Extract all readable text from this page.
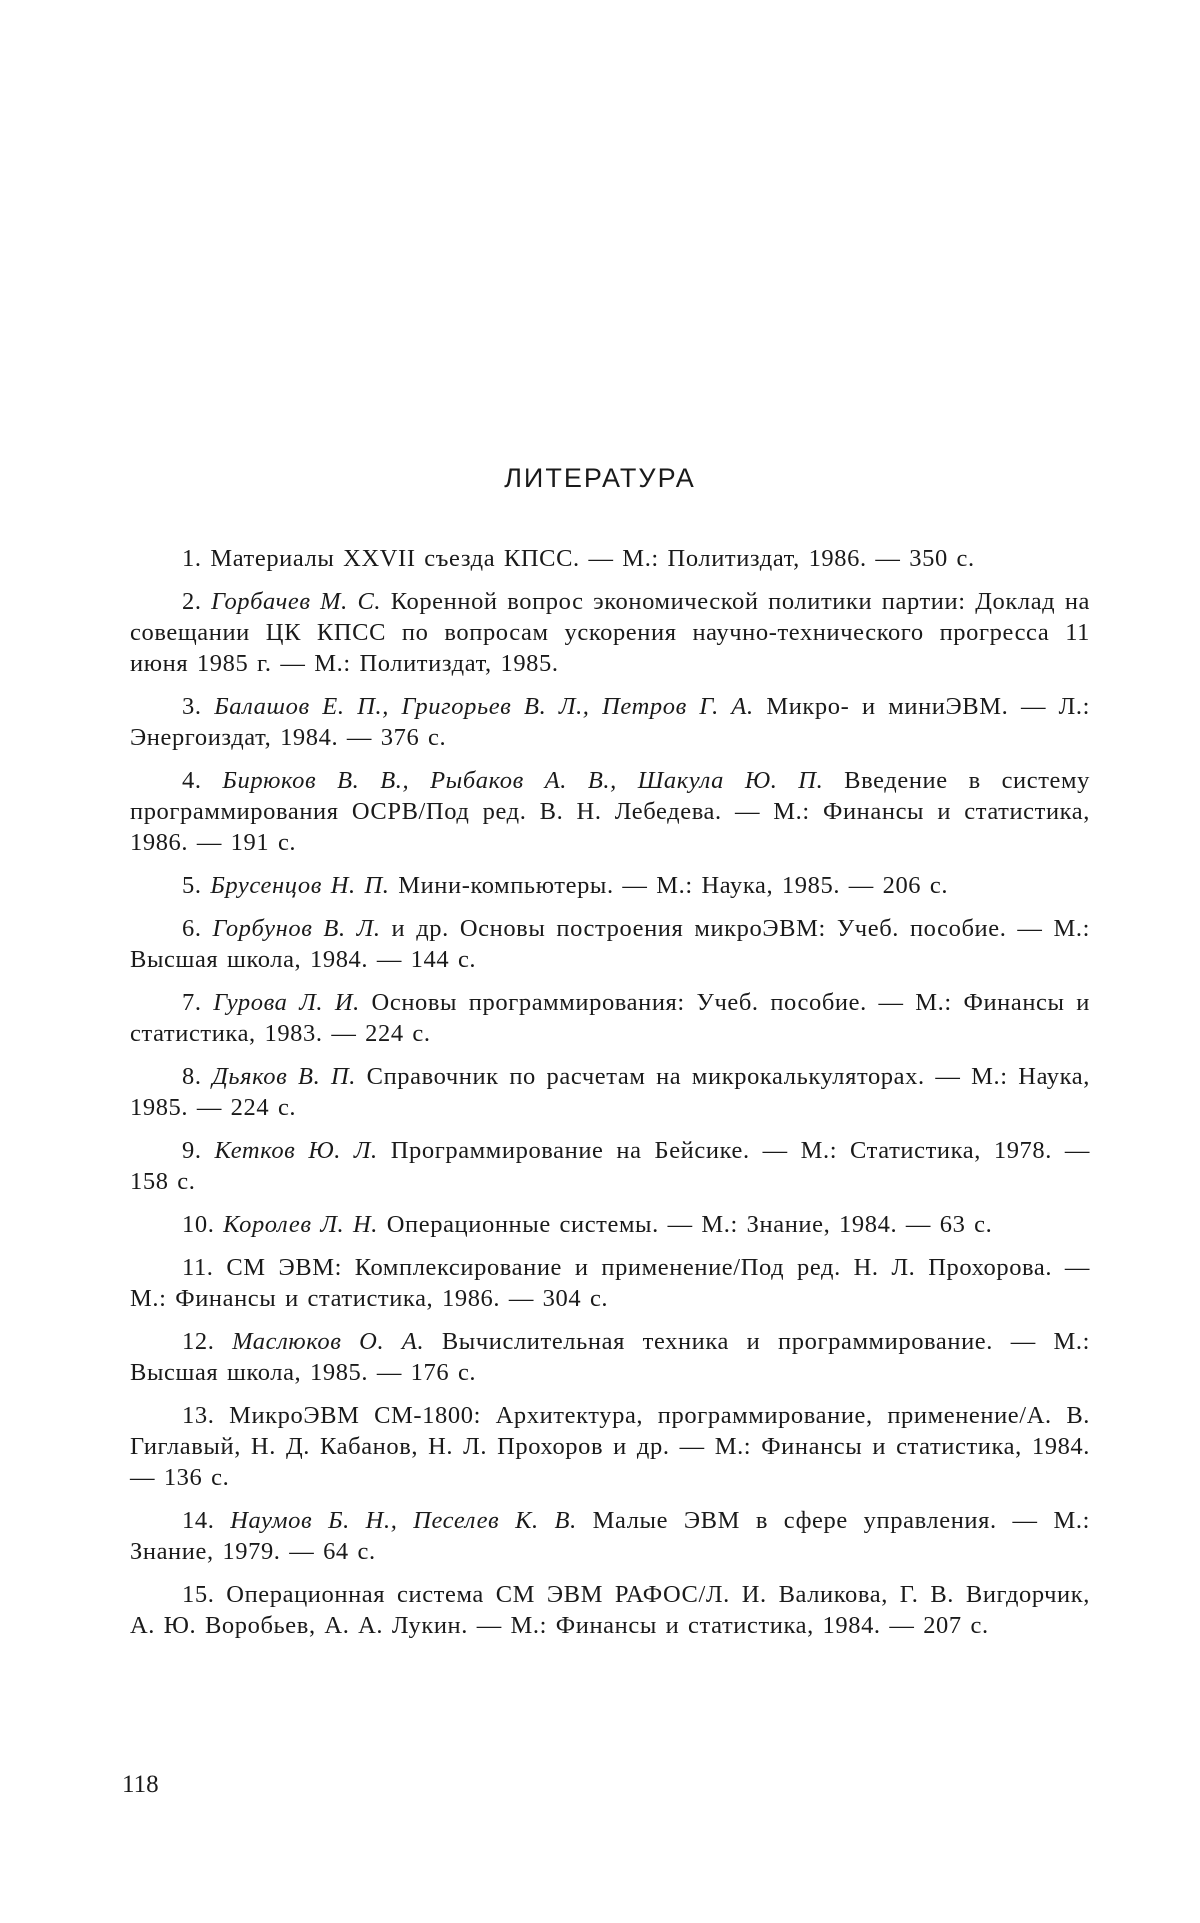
ЛИТЕРАТУРА
1. Материалы XXVII съезда КПСС. — М.: Политиздат, 1986. — 350 с.
2. Горбачев М. С. Коренной вопрос экономической политики партии: Доклад на совещании ЦК КПСС по вопросам ускорения научно-технического прогресса 11 июня 1985 г. — М.: Политиздат, 1985.
3. Балашов Е. П., Григорьев В. Л., Петров Г. А. Микро- и миниЭВМ. — Л.: Энергоиздат, 1984. — 376 с.
4. Бирюков В. В., Рыбаков А. В., Шакула Ю. П. Введение в систему программирования ОСРВ/Под ред. В. Н. Лебедева. — М.: Финансы и статистика, 1986. — 191 с.
5. Брусенцов Н. П. Мини-компьютеры. — М.: Наука, 1985. — 206 с.
6. Горбунов В. Л. и др. Основы построения микроЭВМ: Учеб. пособие. — М.: Высшая школа, 1984. — 144 с.
7. Гурова Л. И. Основы программирования: Учеб. пособие. — М.: Финансы и статистика, 1983. — 224 с.
8. Дьяков В. П. Справочник по расчетам на микрокалькуляторах. — М.: Наука, 1985. — 224 с.
9. Кетков Ю. Л. Программирование на Бейсике. — М.: Статистика, 1978. — 158 с.
10. Королев Л. Н. Операционные системы. — М.: Знание, 1984. — 63 с.
11. СМ ЭВМ: Комплексирование и применение/Под ред. Н. Л. Прохорова. — М.: Финансы и статистика, 1986. — 304 с.
12. Маслюков О. А. Вычислительная техника и программирование. — М.: Высшая школа, 1985. — 176 с.
13. МикроЭВМ СМ-1800: Архитектура, программирование, применение/А. В. Гиглавый, Н. Д. Кабанов, Н. Л. Прохоров и др. — М.: Финансы и статистика, 1984. — 136 с.
14. Наумов Б. Н., Песелев К. В. Малые ЭВМ в сфере управления. — М.: Знание, 1979. — 64 с.
15. Операционная система СМ ЭВМ РАФОС/Л. И. Валикова, Г. В. Вигдорчик, А. Ю. Воробьев, А. А. Лукин. — М.: Финансы и статистика, 1984. — 207 с.

118
